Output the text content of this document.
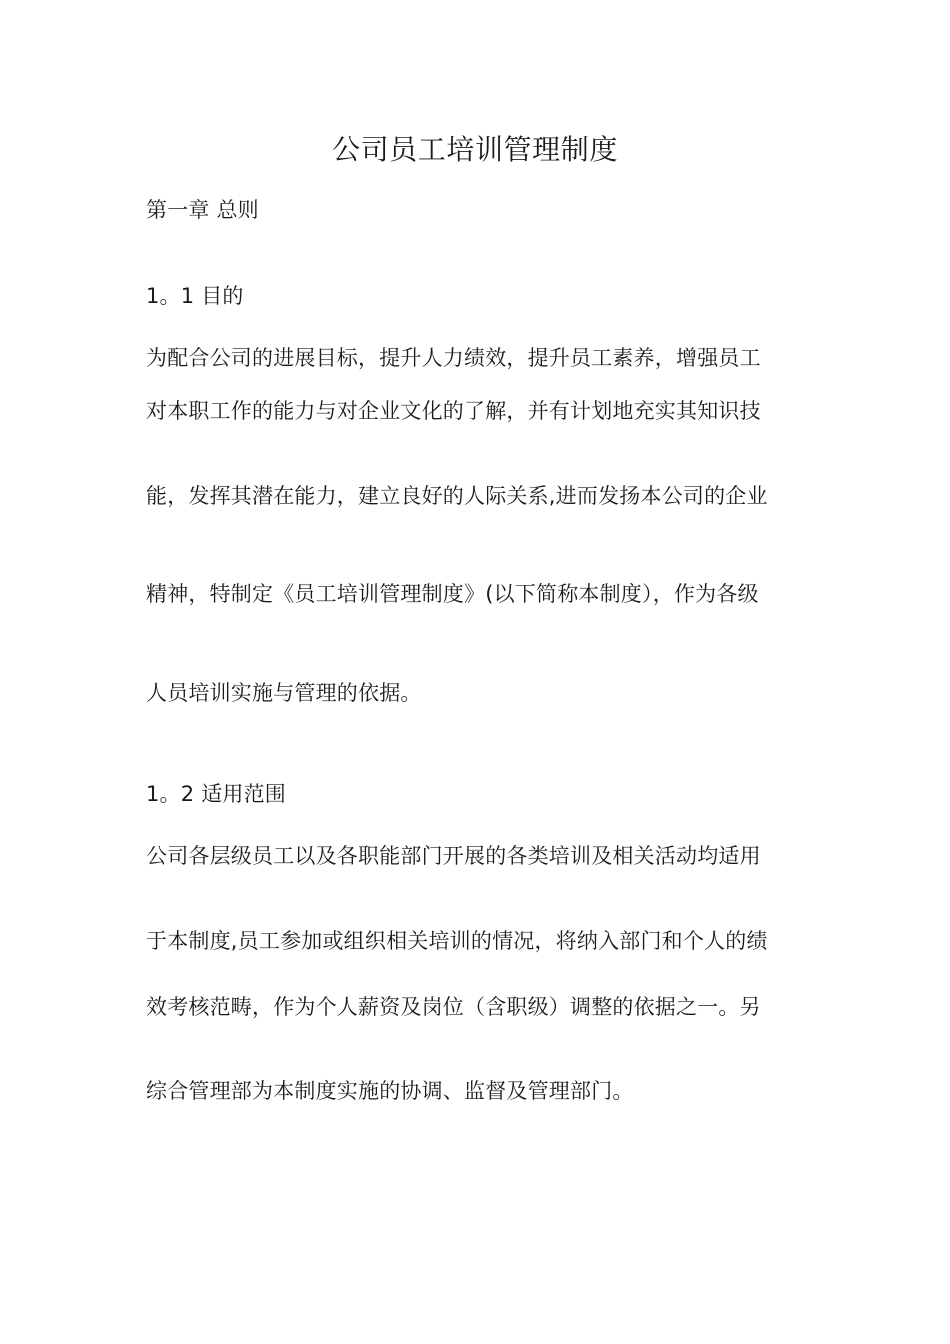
公司员工培训管理制度
第一章 总则
1。1 目的
为配合公司的进展目标，提升人力绩效，提升员工素养，增强员工
对本职工作的能力与对企业文化的了解，并有计划地充实其知识技
能，发挥其潜在能力，建立良好的人际关系,进而发扬本公司的企业
精神，特制定《员工培训管理制度》(以下简称本制度），作为各级
人员培训实施与管理的依据。
1。2 适用范围
公司各层级员工以及各职能部门开展的各类培训及相关活动均适用
于本制度,员工参加或组织相关培训的情况，将纳入部门和个人的绩
效考核范畴，作为个人薪资及岗位（含职级）调整的依据之一。另
综合管理部为本制度实施的协调、监督及管理部门。
